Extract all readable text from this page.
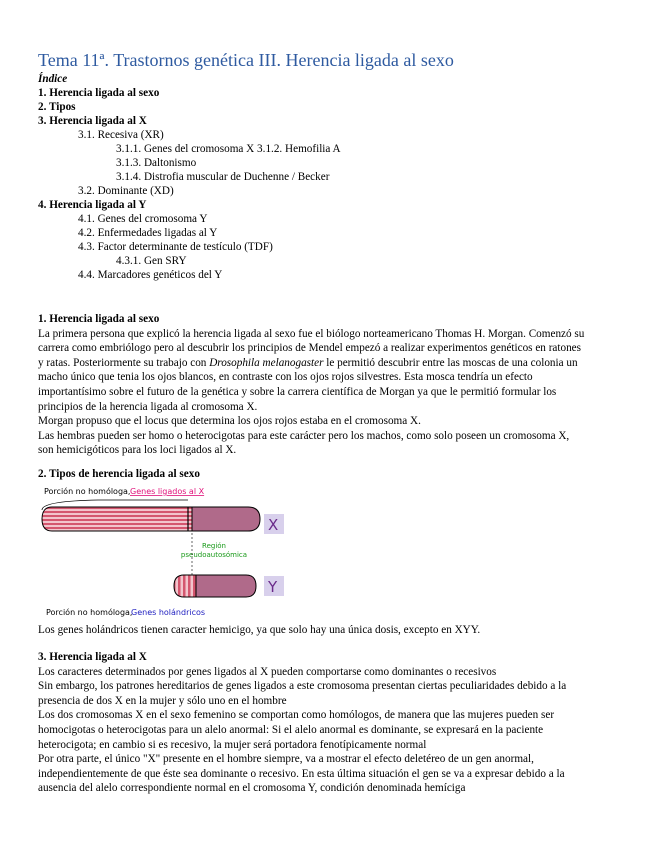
Tema 11ª. Trastornos genética III. Herencia ligada al sexo
Índice
1. Herencia ligada al sexo
2. Tipos
3. Herencia ligada al X
3.1. Recesiva (XR)
3.1.1. Genes del cromosoma X 3.1.2. Hemofilia A
3.1.3. Daltonismo
3.1.4. Distrofia muscular de Duchenne / Becker
3.2. Dominante (XD)
4. Herencia ligada al Y
4.1. Genes del cromosoma Y
4.2. Enfermedades ligadas al Y
4.3. Factor determinante de testículo (TDF)
4.3.1. Gen SRY
4.4. Marcadores genéticos del Y
1. Herencia ligada al sexo
La primera persona que explicó la herencia ligada al sexo fue el biólogo norteamericano Thomas H. Morgan. Comenzó su
carrera como embriólogo pero al descubrir los principios de Mendel empezó a realizar experimentos genéticos en ratones
y ratas. Posteriormente su trabajo con Drosophila melanogaster le permitió descubrir entre las moscas de una colonia un
macho único que tenia los ojos blancos, en contraste con los ojos rojos silvestres. Esta mosca tendría un efecto
importantísimo sobre el futuro de la genética y sobre la carrera científica de Morgan ya que le permitió formular los
principios de la herencia ligada al cromosoma X.
Morgan propuso que el locus que determina los ojos rojos estaba en el cromosoma X.
Las hembras pueden ser homo o heterocigotas para este carácter pero los machos, como solo poseen un cromosoma X,
son hemicigóticos para los loci ligados al X.
2. Tipos de herencia ligada al sexo
Porción no homóloga, Genes ligados al X
X
Región
pseudoautosómica
Y
Porción no homóloga,
Genes holándricos
Los genes holándricos tienen caracter hemicigo, ya que solo hay una única dosis, excepto en XYY.
3. Herencia ligada al X
Los caracteres determinados por genes ligados al X pueden comportarse como dominantes o recesivos
Sin embargo, los patrones hereditarios de genes ligados a este cromosoma presentan ciertas peculiaridades debido a la
presencia de dos X en la mujer y sólo uno en el hombre
Los dos cromosomas X en el sexo femenino se comportan como homólogos, de manera que las mujeres pueden ser
homocigotas o heterocigotas para un alelo anormal: Si el alelo anormal es dominante, se expresará en la paciente
heterocigota; en cambio si es recesivo, la mujer será portadora fenotípicamente normal
Por otra parte, el único "X" presente en el hombre siempre, va a mostrar el efecto deletéreo de un gen anormal,
independientemente de que éste sea dominante o recesivo. En esta última situación el gen se va a expresar debido a la
ausencia del alelo correspondiente normal en el cromosoma Y, condición denominada hemícigа
